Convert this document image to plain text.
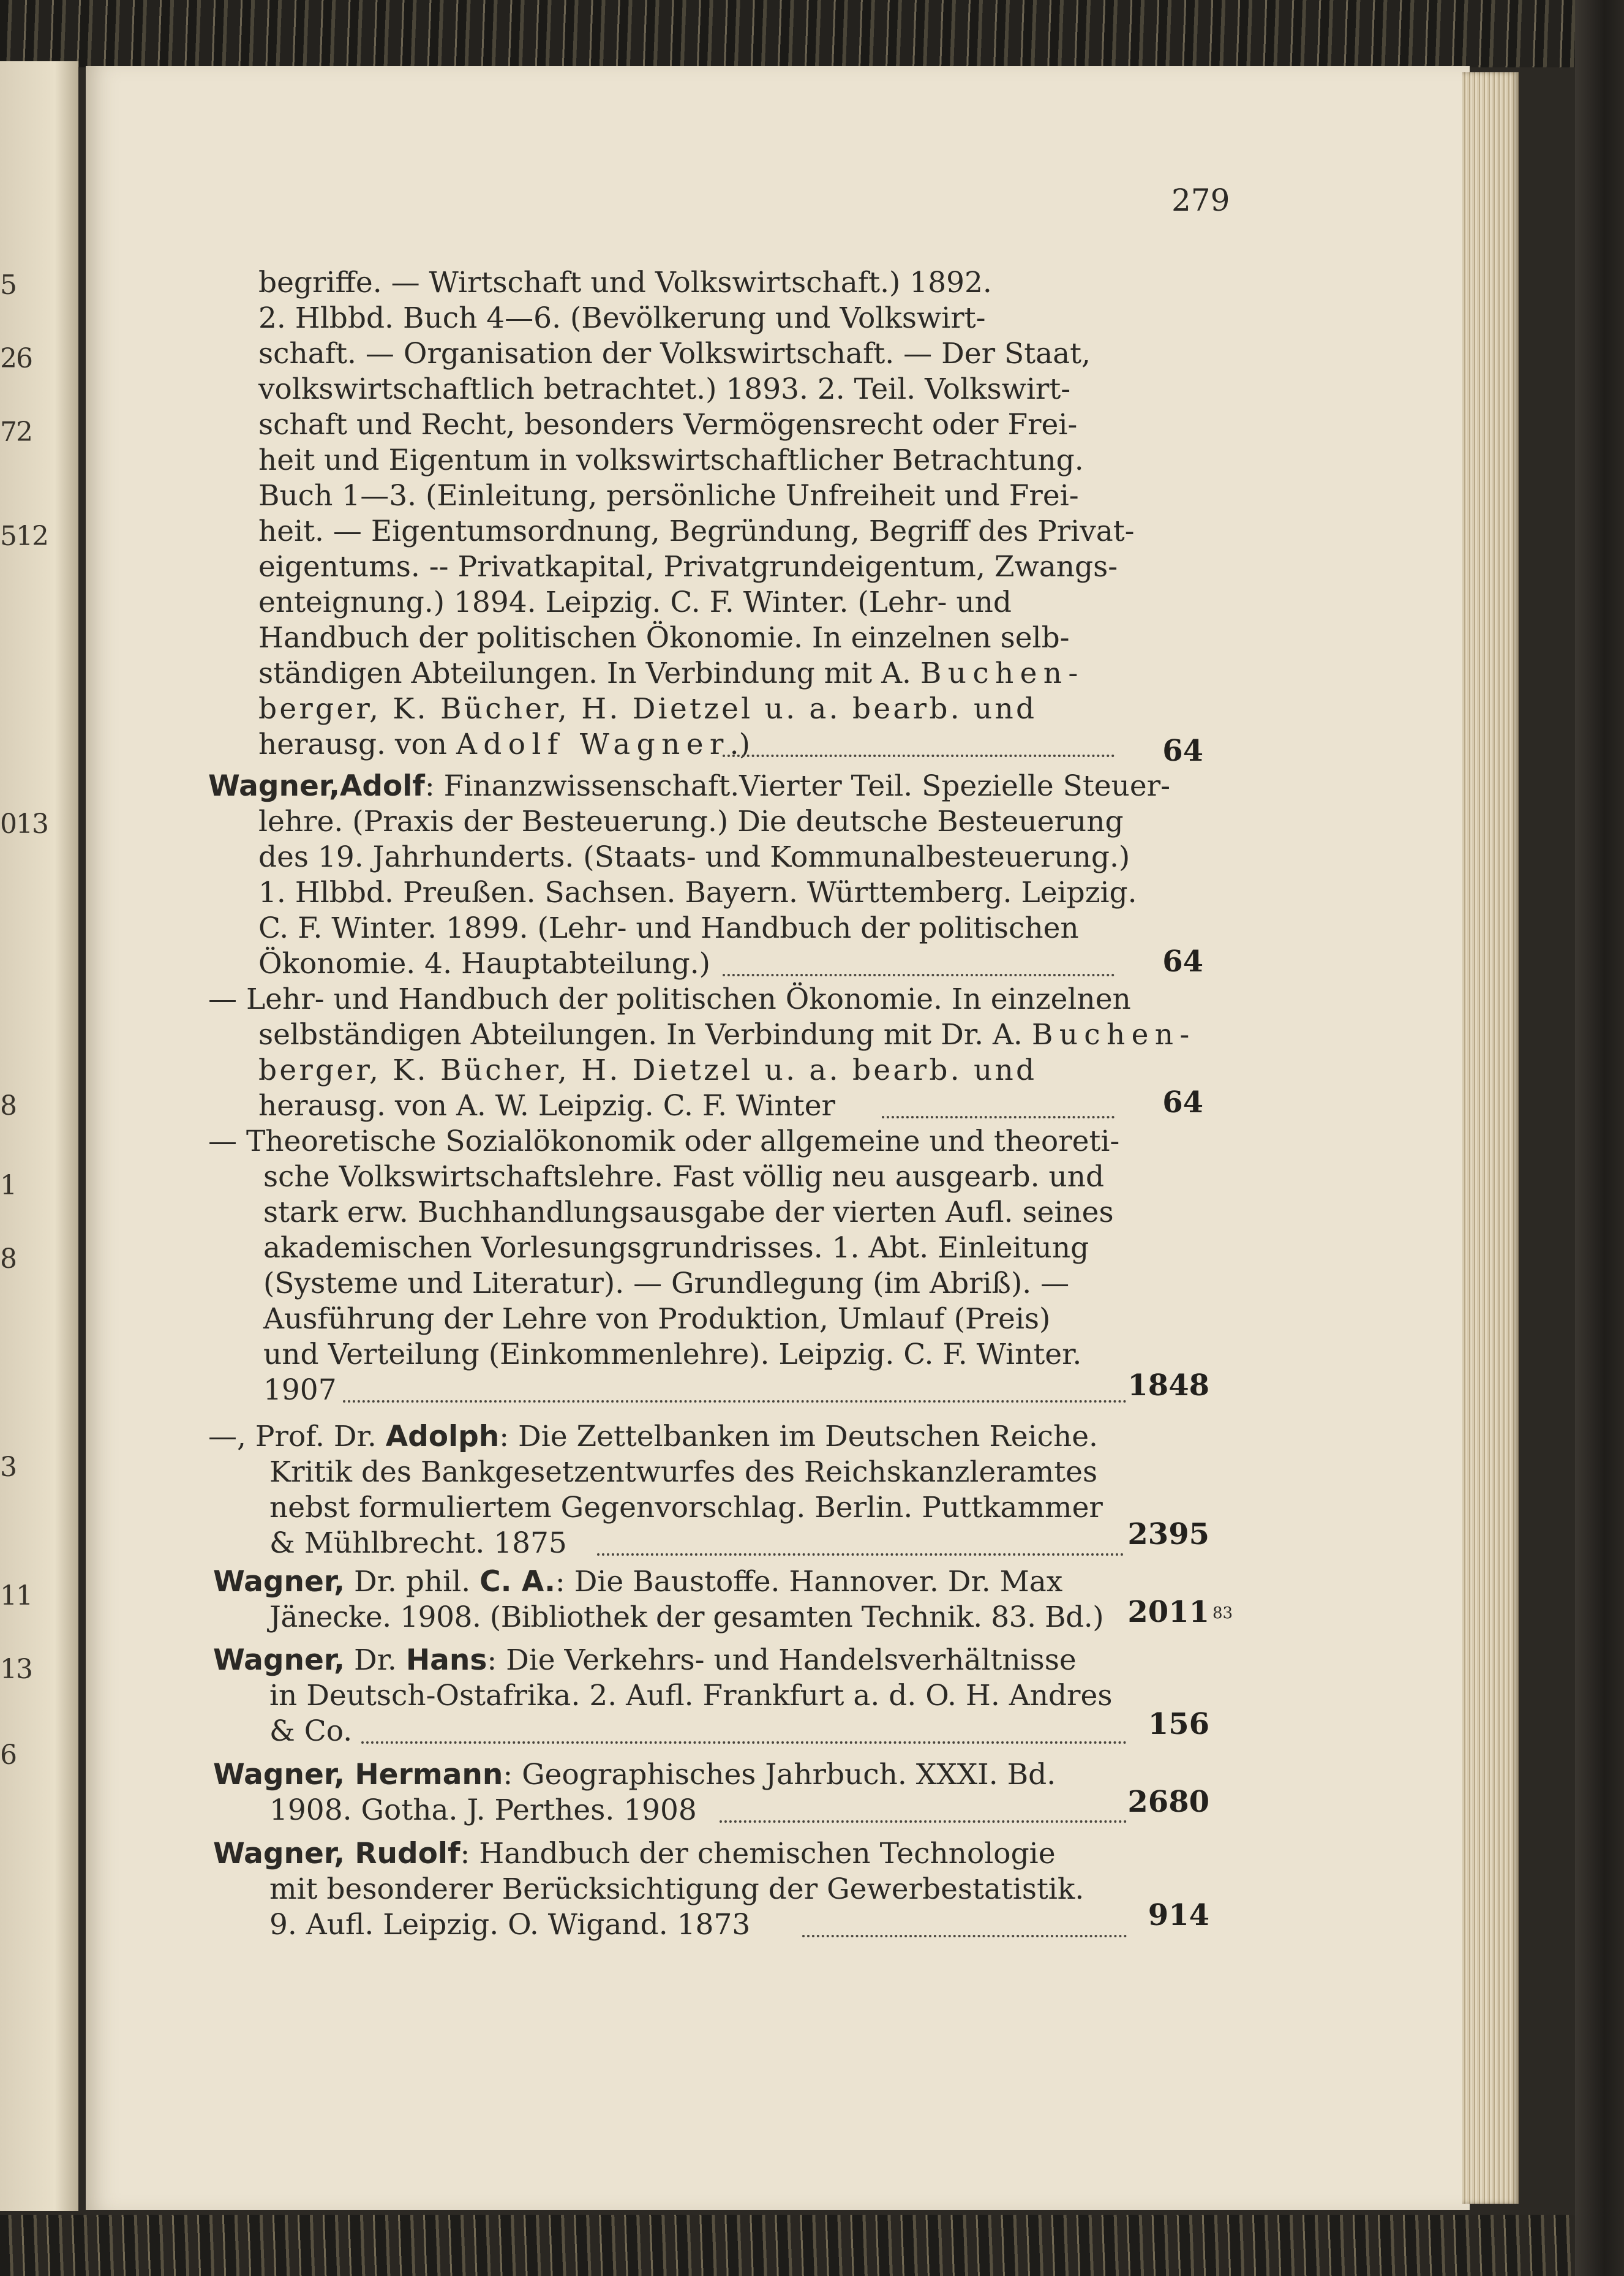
5
26
72
512
013
8
1
8
3
11
13
6
279
begriffe. — Wirtschaft und Volkswirtschaft.) 1892.
2. Hlbbd. Buch 4—6. (Bevölkerung und Volkswirt-
schaft. — Organisation der Volkswirtschaft. — Der Staat,
volkswirtschaftlich betrachtet.) 1893. 2. Teil. Volkswirt-
schaft und Recht, besonders Vermögensrecht oder Frei-
heit und Eigentum in volkswirtschaftlicher Betrachtung.
Buch 1—3. (Einleitung, persönliche Unfreiheit und Frei-
heit. — Eigentumsordnung, Begründung, Begriff des Privat-
eigentums. -- Privatkapital, Privatgrundeigentum, Zwangs-
enteignung.) 1894. Leipzig. C. F. Winter. (Lehr- und
Handbuch der politischen Ökonomie. In einzelnen selb-
ständigen Abteilungen. In Verbindung mit A. Buchen-
berger, K. Bücher, H. Dietzel u. a. bearb. und
herausg. von Adolf Wagner.)	64
Wagner,Adolf: Finanzwissenschaft.Vierter Teil. Spezielle Steuer-
lehre. (Praxis der Besteuerung.) Die deutsche Besteuerung
des 19. Jahrhunderts. (Staats- und Kommunalbesteuerung.)
1. Hlbbd. Preußen. Sachsen. Bayern. Württemberg. Leipzig.
C. F. Winter. 1899. (Lehr- und Handbuch der politischen
Ökonomie. 4. Hauptabteilung.)	64
— Lehr- und Handbuch der politischen Ökonomie. In einzelnen
selbständigen Abteilungen. In Verbindung mit Dr. A. Buchen-
berger, K. Bücher, H. Dietzel u. a. bearb. und
herausg. von A. W. Leipzig. C. F. Winter	64
— Theoretische Sozialökonomik oder allgemeine und theoreti-
sche Volkswirtschaftslehre. Fast völlig neu ausgearb. und
stark erw. Buchhandlungsausgabe der vierten Aufl. seines
akademischen Vorlesungsgrundrisses. 1. Abt. Einleitung
(Systeme und Literatur). — Grundlegung (im Abriß). —
Ausführung der Lehre von Produktion, Umlauf (Preis)
und Verteilung (Einkommenlehre). Leipzig. C. F. Winter.
1907	1848
—, Prof. Dr. Adolph: Die Zettelbanken im Deutschen Reiche.
Kritik des Bankgesetzentwurfes des Reichskanzleramtes
nebst formuliertem Gegenvorschlag. Berlin. Puttkammer
& Mühlbrecht. 1875	2395
Wagner, Dr. phil. C. A.: Die Baustoffe. Hannover. Dr. Max
Jänecke. 1908. (Bibliothek der gesamten Technik. 83. Bd.) 2011 83
Wagner, Dr. Hans: Die Verkehrs- und Handelsverhältnisse
in Deutsch-Ostafrika. 2. Aufl. Frankfurt a. d. O. H. Andres
& Co.	156
Wagner, Hermann: Geographisches Jahrbuch. XXXI. Bd.
1908. Gotha. J. Perthes. 1908	2680
Wagner, Rudolf: Handbuch der chemischen Technologie
mit besonderer Berücksichtigung der Gewerbestatistik.
9. Aufl. Leipzig. O. Wigand. 1873	914
